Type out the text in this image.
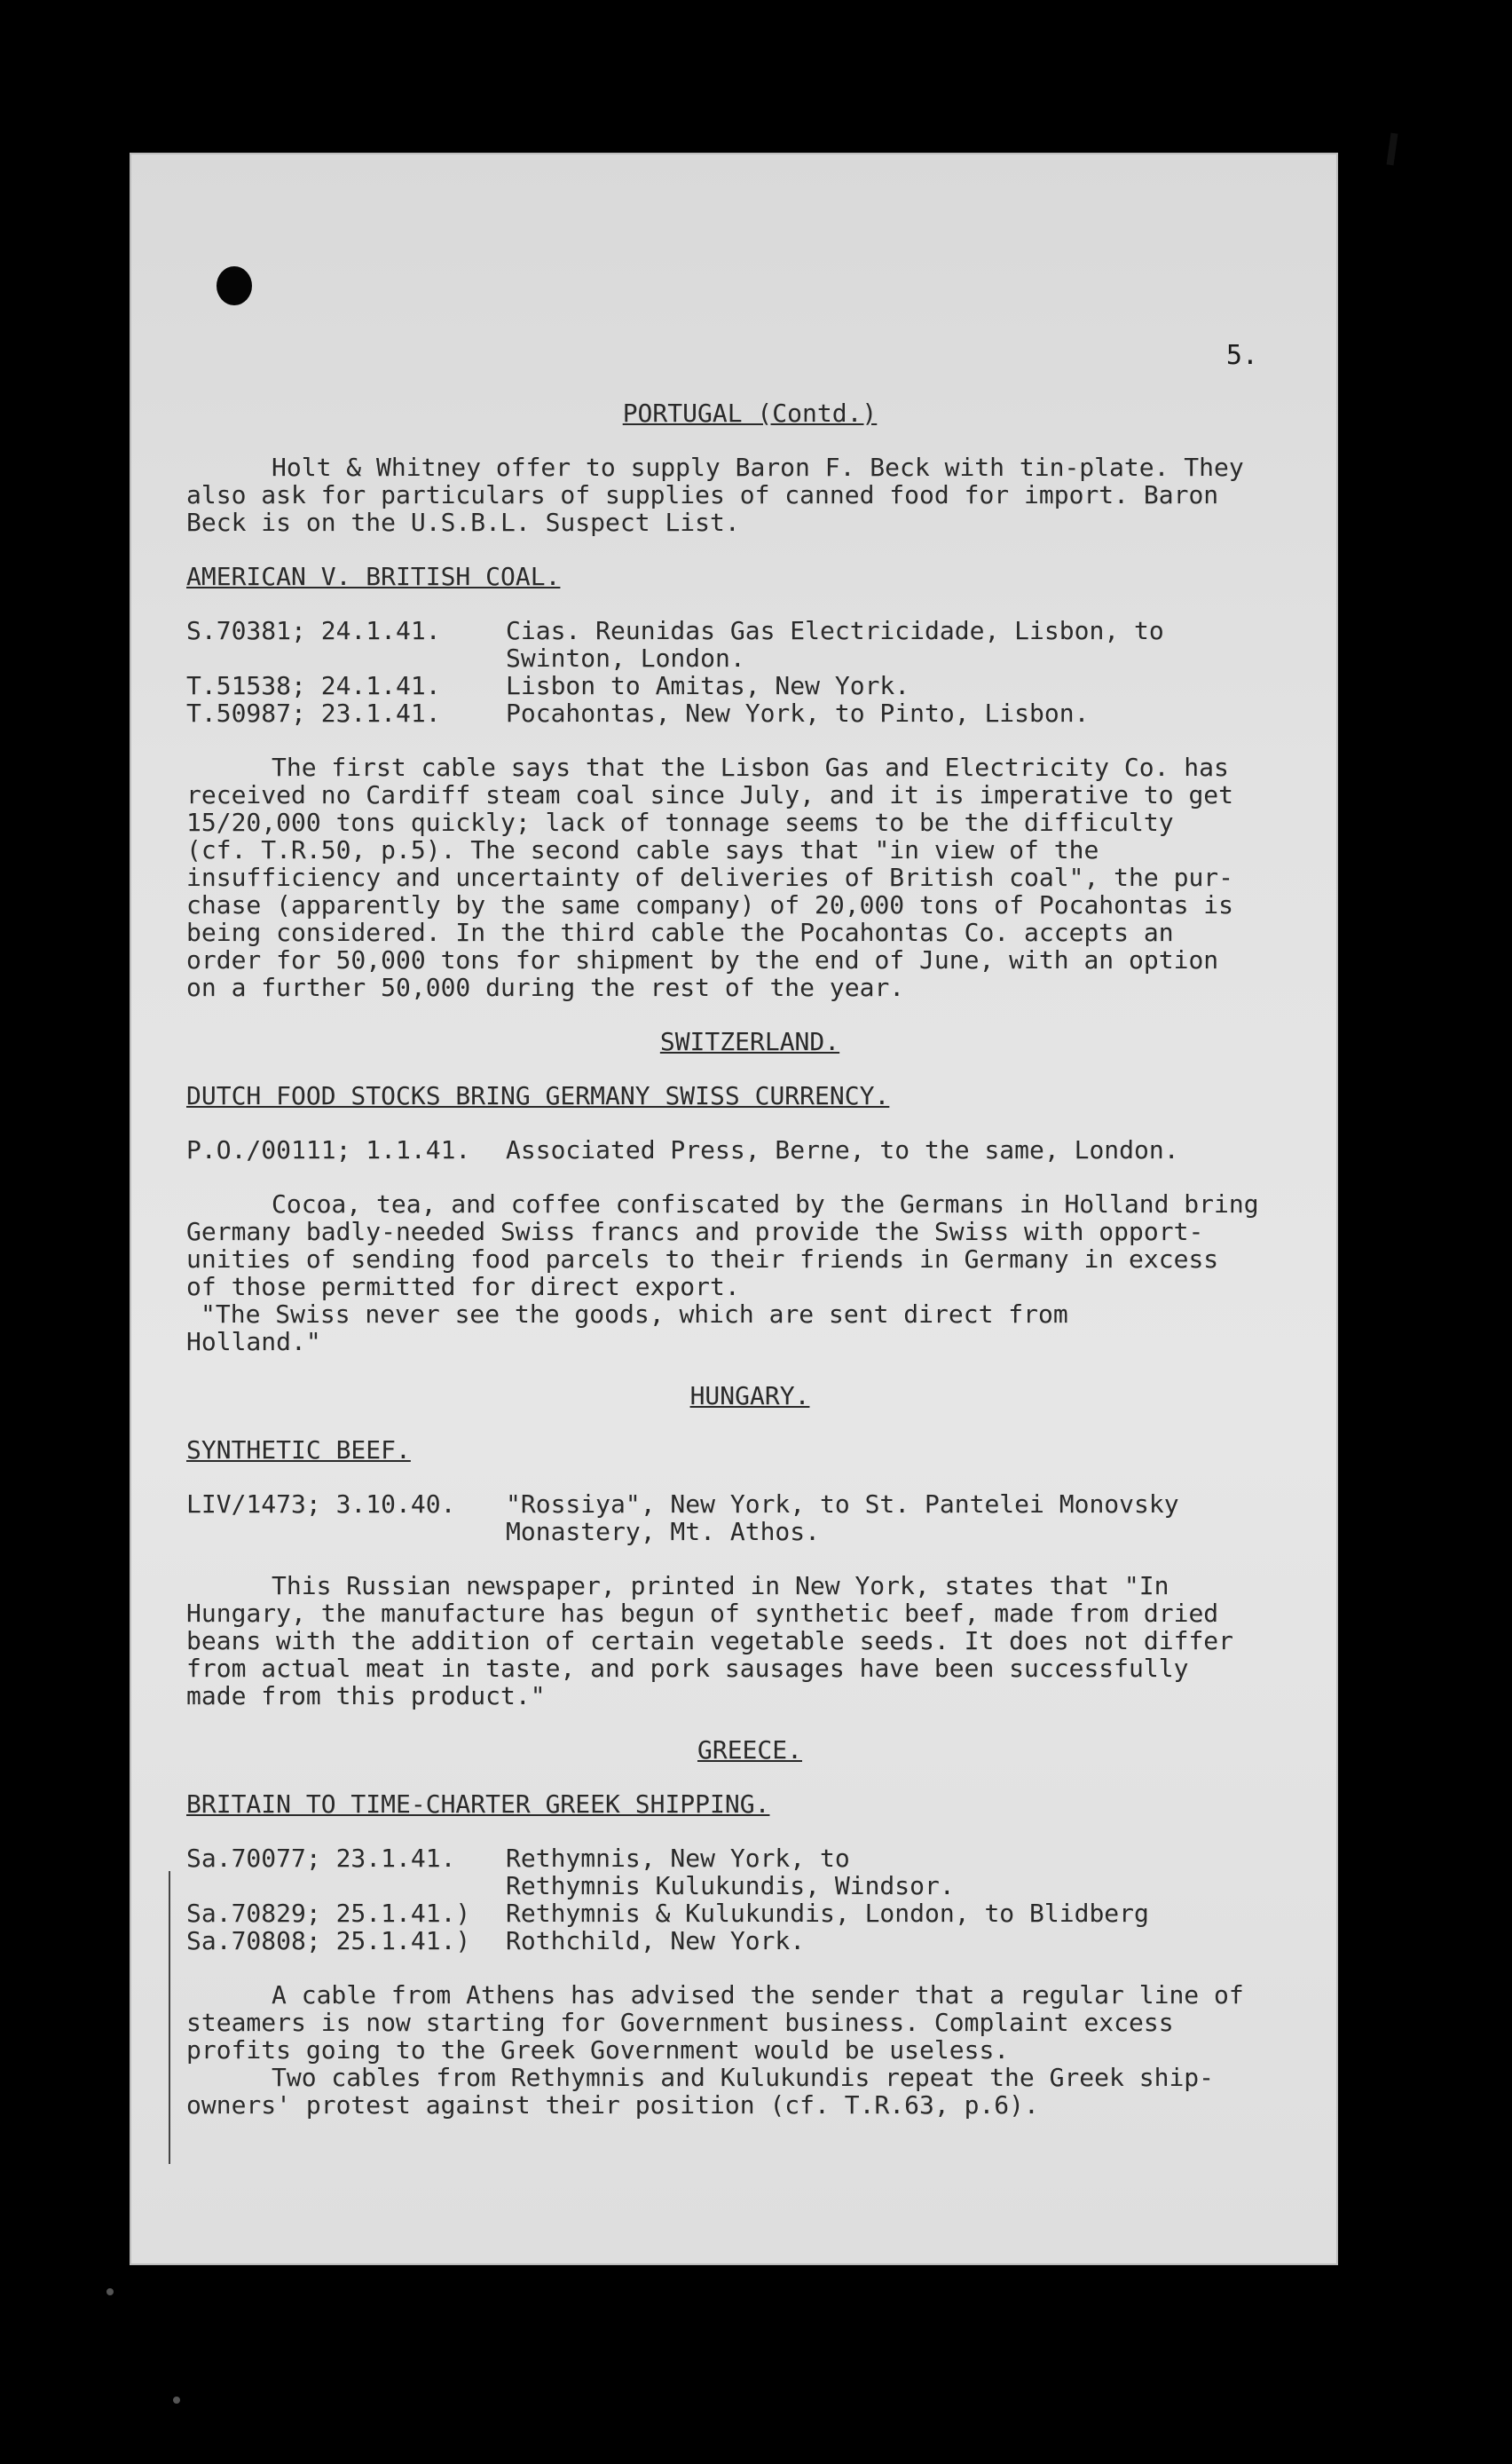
5.
PORTUGAL (Contd.)

Holt & Whitney offer to supply Baron F. Beck with tin-plate. They
also ask for particulars of supplies of canned food for import. Baron
Beck is on the U.S.B.L. Suspect List.

AMERICAN V. BRITISH COAL.

S.70381; 24.1.41.	Cias. Reunidas Gas Electricidade, Lisbon, to
Swinton, London.
T.51538; 24.1.41.	Lisbon to Amitas, New York.
T.50987; 23.1.41.	Pocahontas, New York, to Pinto, Lisbon.

The first cable says that the Lisbon Gas and Electricity Co. has
received no Cardiff steam coal since July, and it is imperative to get
15/20,000 tons quickly; lack of tonnage seems to be the difficulty
(cf. T.R.50, p.5). The second cable says that "in view of the
insufficiency and uncertainty of deliveries of British coal", the pur-
chase (apparently by the same company) of 20,000 tons of Pocahontas is
being considered. In the third cable the Pocahontas Co. accepts an
order for 50,000 tons for shipment by the end of June, with an option
on a further 50,000 during the rest of the year.

SWITZERLAND.

DUTCH FOOD STOCKS BRING GERMANY SWISS CURRENCY.

P.O./00111; 1.1.41.	Associated Press, Berne, to the same, London.

Cocoa, tea, and coffee confiscated by the Germans in Holland bring
Germany badly-needed Swiss francs and provide the Swiss with opport-
unities of sending food parcels to their friends in Germany in excess
of those permitted for direct export.

"The Swiss never see the goods, which are sent direct from
Holland."

HUNGARY.

SYNTHETIC BEEF.

LIV/1473; 3.10.40.	"Rossiya", New York, to St. Pantelei Monovsky
Monastery, Mt. Athos.

This Russian newspaper, printed in New York, states that "In
Hungary, the manufacture has begun of synthetic beef, made from dried
beans with the addition of certain vegetable seeds. It does not differ
from actual meat in taste, and pork sausages have been successfully
made from this product."

GREECE.

BRITAIN TO TIME-CHARTER GREEK SHIPPING.

Sa.70077; 23.1.41.	Rethymnis, New York, to
Rethymnis Kulukundis, Windsor.
Sa.70829; 25.1.41.)	Rethymnis & Kulukundis, London, to Blidberg
Sa.70808; 25.1.41.)	Rothchild, New York.

A cable from Athens has advised the sender that a regular line of
steamers is now starting for Government business. Complaint excess
profits going to the Greek Government would be useless.

Two cables from Rethymnis and Kulukundis repeat the Greek ship-
owners' protest against their position (cf. T.R.63, p.6).
